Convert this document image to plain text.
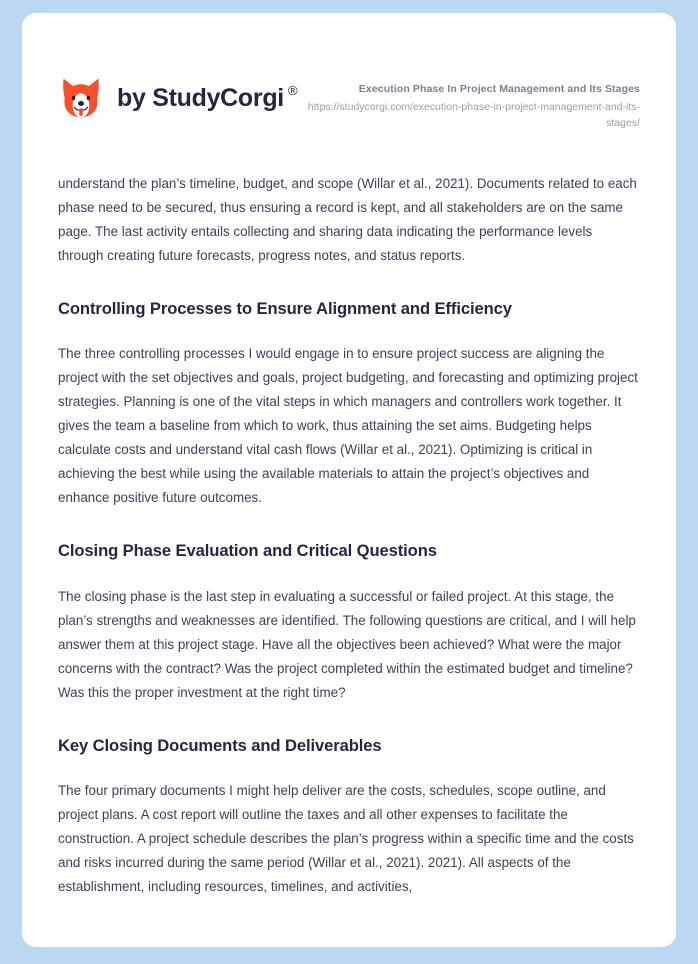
by StudyCorgi ®	Execution Phase In Project Management and Its Stages
https://studycorgi.com/execution-phase-in-project-management-and-its-stages/

understand the plan’s timeline, budget, and scope (Willar et al., 2021). Documents related to each phase need to be secured, thus ensuring a record is kept, and all stakeholders are on the same page. The last activity entails collecting and sharing data indicating the performance levels through creating future forecasts, progress notes, and status reports.

Controlling Processes to Ensure Alignment and Efficiency

The three controlling processes I would engage in to ensure project success are aligning the project with the set objectives and goals, project budgeting, and forecasting and optimizing project strategies. Planning is one of the vital steps in which managers and controllers work together. It gives the team a baseline from which to work, thus attaining the set aims. Budgeting helps calculate costs and understand vital cash flows (Willar et al., 2021). Optimizing is critical in achieving the best while using the available materials to attain the project’s objectives and enhance positive future outcomes.

Closing Phase Evaluation and Critical Questions

The closing phase is the last step in evaluating a successful or failed project. At this stage, the plan’s strengths and weaknesses are identified. The following questions are critical, and I will help answer them at this project stage. Have all the objectives been achieved? What were the major concerns with the contract? Was the project completed within the estimated budget and timeline? Was this the proper investment at the right time?

Key Closing Documents and Deliverables

The four primary documents I might help deliver are the costs, schedules, scope outline, and project plans. A cost report will outline the taxes and all other expenses to facilitate the construction. A project schedule describes the plan’s progress within a specific time and the costs and risks incurred during the same period (Willar et al., 2021). 2021). All aspects of the establishment, including resources, timelines, and activities,
